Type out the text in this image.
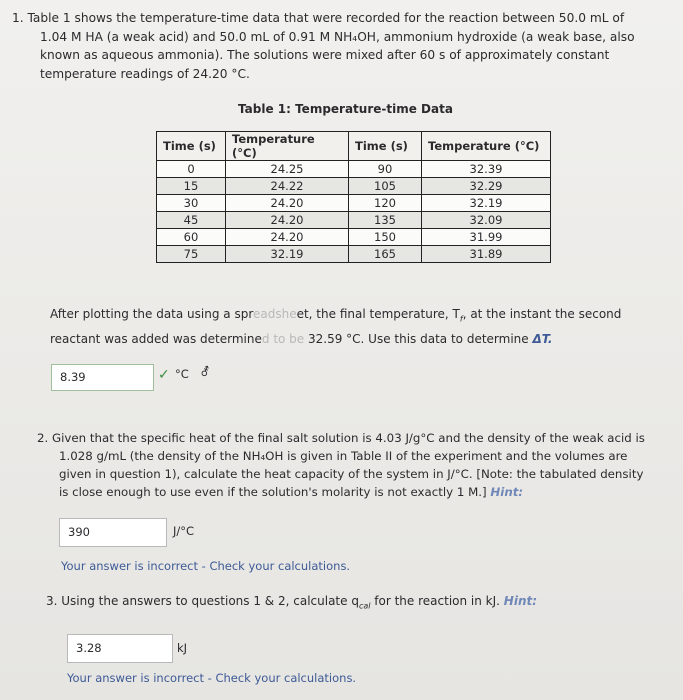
1. Table 1 shows the temperature-time data that were recorded for the reaction between 50.0 mL of

1.04 M HA (a weak acid) and 50.0 mL of 0.91 M NH₄OH, ammonium hydroxide (a weak base, also
known as aqueous ammonia). The solutions were mixed after 60 s of approximately constant
temperature readings of 24.20 °C.
Table 1: Temperature-time Data
Time (s)	Temperature (°C)	Time (s)	Temperature (°C)
0	24.25	90	32.39
15	24.22	105	32.29
30	24.20	120	32.19
45	24.20	135	32.09
60	24.20	150	31.99
75	32.19	165	31.89
After plotting the data using a spreadsheet, the final temperature, $T_f$, at the instant the second
reactant was added was determined to be 32.59 °C. Use this data to determine ΔT.
8.39	✓ °C ⚦
2. Given that the specific heat of the final salt solution is 4.03 J/g°C and the density of the weak acid is

1.028 g/mL (the density of the NH₄OH is given in Table II of the experiment and the volumes are
given in question 1), calculate the heat capacity of the system in J/°C. [Note: the tabulated density
is close enough to use even if the solution's molarity is not exactly 1 M.] Hint:
390	J/°C
Your answer is incorrect - Check your calculations.
3. Using the answers to questions 1 & 2, calculate $q_{cal}$ for the reaction in kJ. Hint:
3.28	kJ
Your answer is incorrect - Check your calculations.
